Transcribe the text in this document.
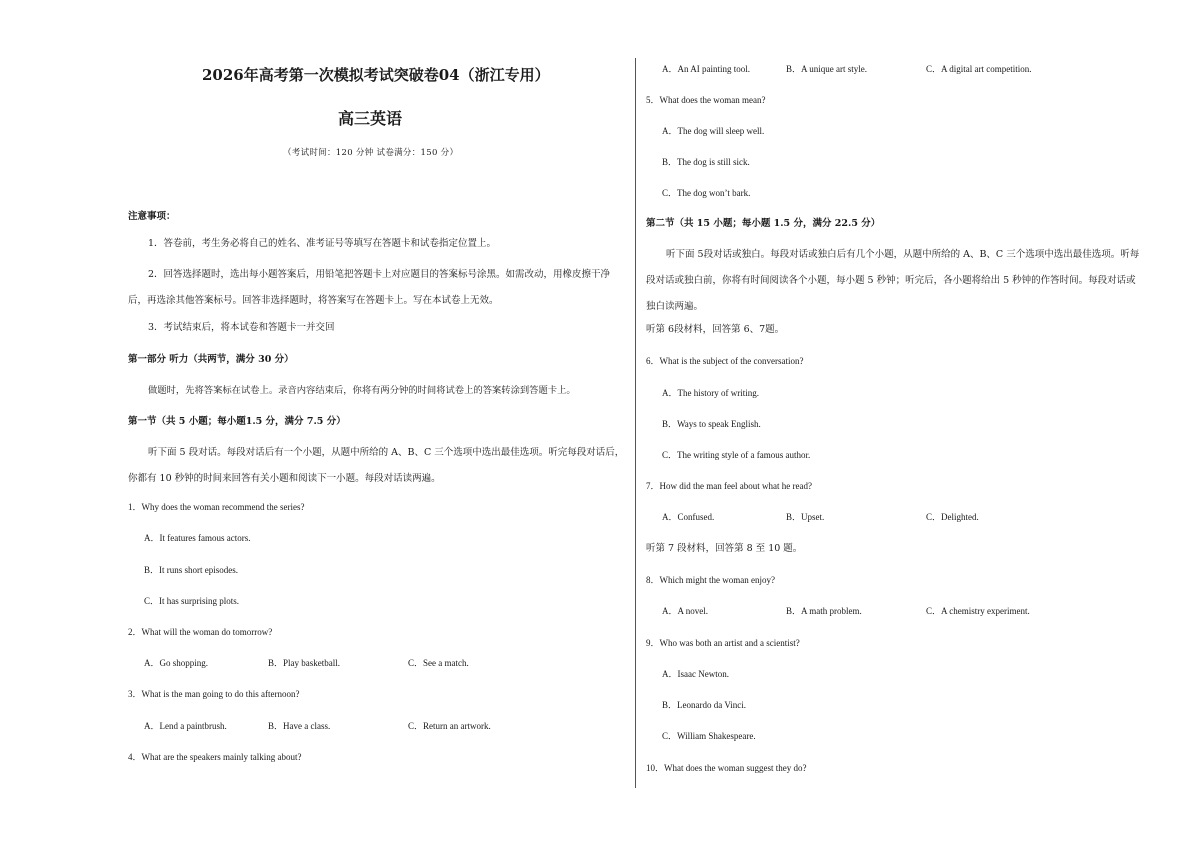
2026年高考第一次模拟考试突破卷04（浙江专用）
高三英语
（考试时间：120 分钟 试卷满分：150 分）
注意事项：
1．答卷前，考生务必将自己的姓名、准考证号等填写在答题卡和试卷指定位置上。
2．回答选择题时，选出每小题答案后，用铅笔把答题卡上对应题目的答案标号涂黑。如需改动，用橡皮擦干净后，再选涂其他答案标号。回答非选择题时，将答案写在答题卡上。写在本试卷上无效。
3．考试结束后，将本试卷和答题卡一并交回
第一部分 听力（共两节，满分 30 分）
做题时，先将答案标在试卷上。录音内容结束后，你将有两分钟的时间将试卷上的答案转涂到答题卡上。
第一节（共 5 小题；每小题1.5 分，满分 7.5 分）
听下面 5 段对话。每段对话后有一个小题，从题中所给的 A、B、C 三个选项中选出最佳选项。听完每段对话后，你都有 10 秒钟的时间来回答有关小题和阅读下一小题。每段对话读两遍。
1．Why does the woman recommend the series?
A．It features famous actors.
B．It runs short episodes.
C．It has surprising plots.
2．What will the woman do tomorrow?
A．Go shopping.	B．Play basketball.	C．See a match.
3．What is the man going to do this afternoon?
A．Lend a paintbrush.	B．Have a class.	C．Return an artwork.
4．What are the speakers mainly talking about?
A．An AI painting tool.	B．A unique art style.	C．A digital art competition.
5．What does the woman mean?
A．The dog will sleep well.
B．The dog is still sick.
C．The dog won’t bark.
第二节（共 15 小题；每小题 1.5 分，满分 22.5 分）
听下面 5段对话或独白。每段对话或独白后有几个小题，从题中所给的 A、B、C 三个选项中选出最佳选项。听每段对话或独白前，你将有时间阅读各个小题，每小题 5 秒钟；听完后，各小题将给出 5 秒钟的作答时间。每段对话或独白读两遍。
听第 6段材料，回答第 6、7题。
6．What is the subject of the conversation?
A．The history of writing.
B．Ways to speak English.
C．The writing style of a famous author.
7．How did the man feel about what he read?
A．Confused.	B．Upset.	C．Delighted.
听第 7 段材料，回答第 8 至 10 题。
8．Which might the woman enjoy?
A．A novel.	B．A math problem.	C．A chemistry experiment.
9．Who was both an artist and a scientist?
A．Isaac Newton.
B．Leonardo da Vinci.
C．William Shakespeare.
10．What does the woman suggest they do?
